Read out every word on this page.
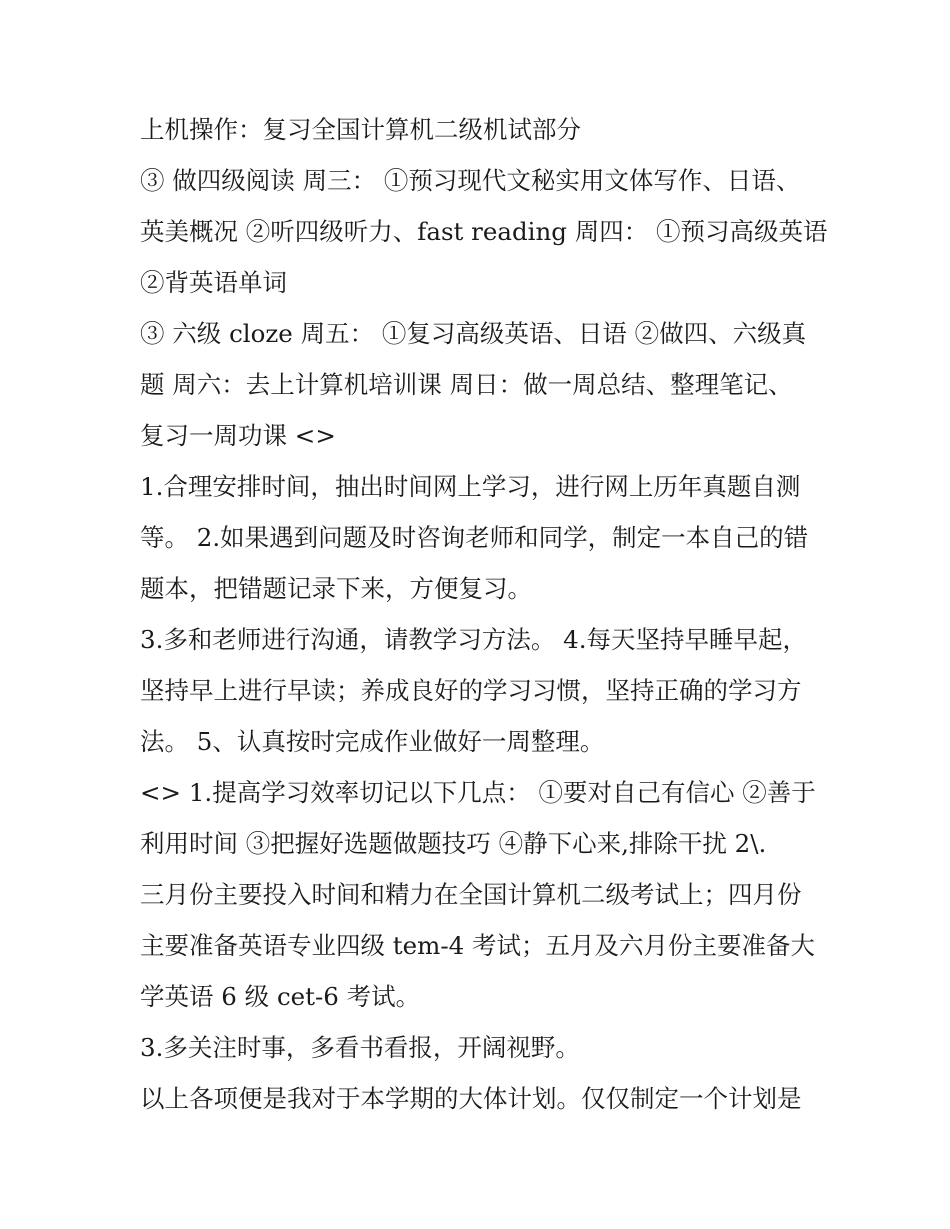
上机操作：复习全国计算机二级机试部分
③ 做四级阅读 周三： ①预习现代文秘实用文体写作、日语、
英美概况 ②听四级听力、fast reading 周四： ①预习高级英语
②背英语单词
③ 六级 cloze 周五： ①复习高级英语、日语 ②做四、六级真
题 周六：去上计算机培训课 周日：做一周总结、整理笔记、
复习一周功课 <>
1.合理安排时间，抽出时间网上学习，进行网上历年真题自测
等。 2.如果遇到问题及时咨询老师和同学，制定一本自己的错
题本，把错题记录下来，方便复习。
3.多和老师进行沟通，请教学习方法。 4.每天坚持早睡早起，
坚持早上进行早读；养成良好的学习习惯，坚持正确的学习方
法。 5、认真按时完成作业做好一周整理。
<> 1.提高学习效率切记以下几点： ①要对自己有信心 ②善于
利用时间 ③把握好选题做题技巧 ④静下心来,排除干扰 2\.
三月份主要投入时间和精力在全国计算机二级考试上；四月份
主要准备英语专业四级 tem-4 考试；五月及六月份主要准备大
学英语 6 级 cet-6 考试。
3.多关注时事，多看书看报，开阔视野。
以上各项便是我对于本学期的大体计划。仅仅制定一个计划是
